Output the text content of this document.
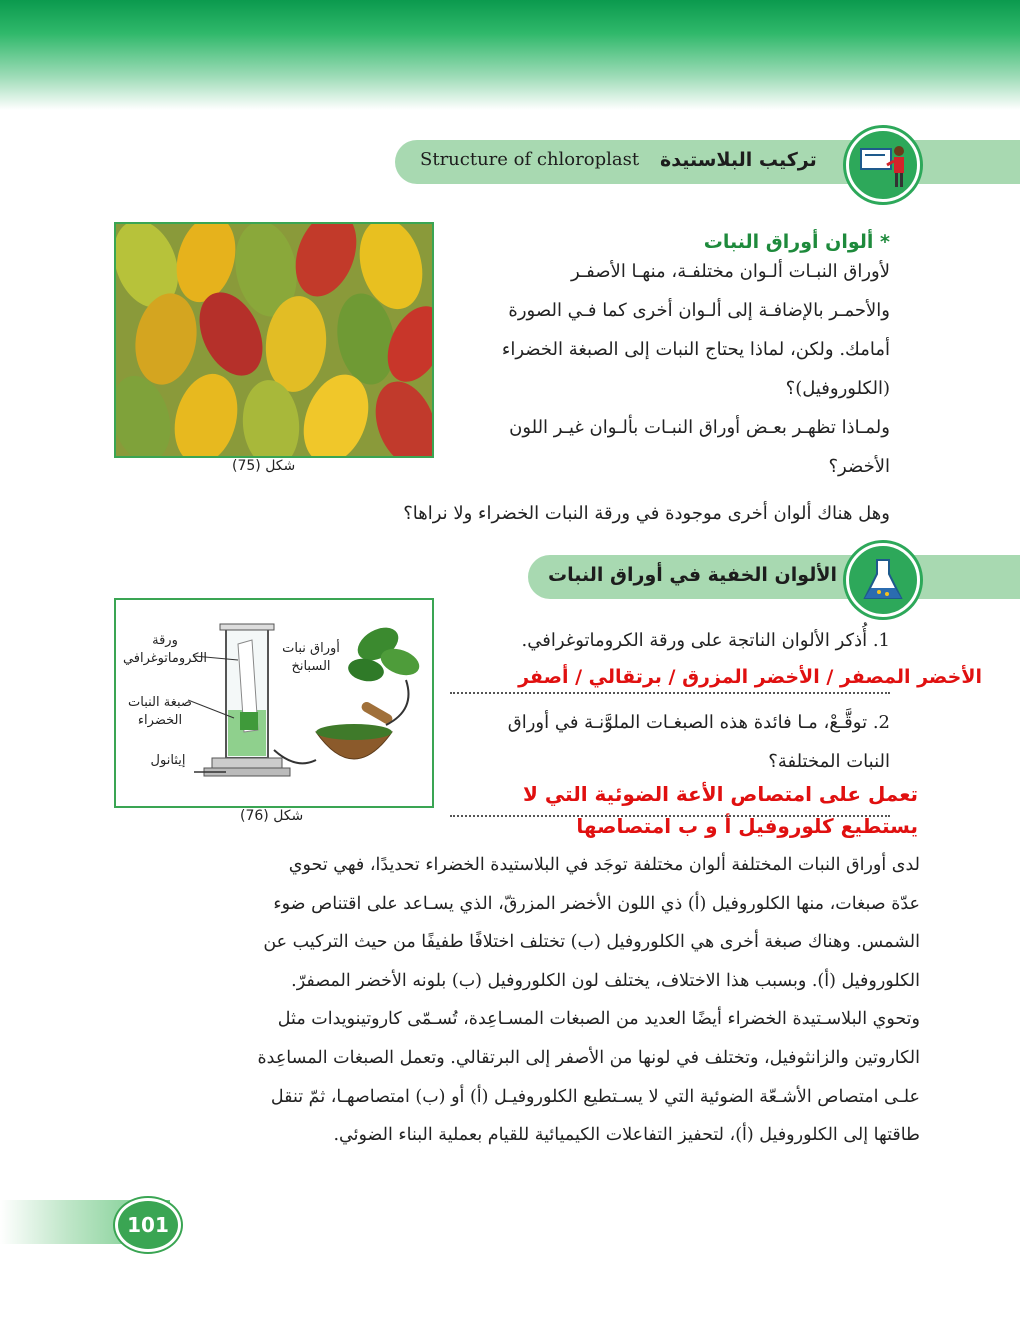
Structure of chloroplast تركيب البلاستيدة
* ألوان أوراق النبات
لأوراق النبـات ألـوان مختلفـة، منهـا الأصفـر
والأحمـر بالإضافـة إلى ألـوان أخرى كما فـي الصورة
أمامك. ولكن، لماذا يحتاج النبات إلى الصبغة الخضراء
(الكلوروفيل)؟
ولمـاذا تظهـر بعـض أوراق النبـات بألـوان غيـر اللون
الأخضر؟
وهل هناك ألوان أخرى موجودة في ورقة النبات الخضراء ولا نراها؟
شكل (75)
الألوان الخفية في أوراق النبات
ورقة الكروماتوغرافي
أوراق نبات السبانخ
صبغة النبات الخضراء
إيثانول
شكل (76)
1. أُذكر الألوان الناتجة على ورقة الكروماتوغرافي.
الأخضر المصفر / الأخضر المزرق / برتقالي / أصفر
2. توقَّـعْ، مـا فائدة هذه الصبغـات الملوَّنـة في أوراق
النبات المختلفة؟
تعمل على امتصاص الأعة الضوئية التي لا
يستطيع كلوروفيل أ و ب امتصاصها
لدى أوراق النبات المختلفة ألوان مختلفة توجَد في البلاستيدة الخضراء تحديدًا، فهي تحوي
عدّة صبغات، منها الكلوروفيل (أ) ذي اللون الأخضر المزرقّ، الذي يسـاعد على اقتناص ضوء
الشمس. وهناك صبغة أخرى هي الكلوروفيل (ب) تختلف اختلافًا طفيفًا من حيث التركيب عن
الكلوروفيل (أ). وبسبب هذا الاختلاف، يختلف لون الكلوروفيل (ب) بلونه الأخضر المصفرّ.
وتحوي البلاسـتيدة الخضراء أيضًا العديد من الصبغات المسـاعِدة، تُسـمّى كاروتينويدات مثل
الكاروتين والزانثوفيل، وتختلف في لونها من الأصفر إلى البرتقالي. وتعمل الصبغات المساعِدة
علـى امتصاص الأشـعّة الضوئية التي لا يسـتطيع الكلوروفيـل (أ) أو (ب) امتصاصهـا، ثمّ تنقل
طاقتها إلى الكلوروفيل (أ)، لتحفيز التفاعلات الكيميائية للقيام بعملية البناء الضوئي.
101
